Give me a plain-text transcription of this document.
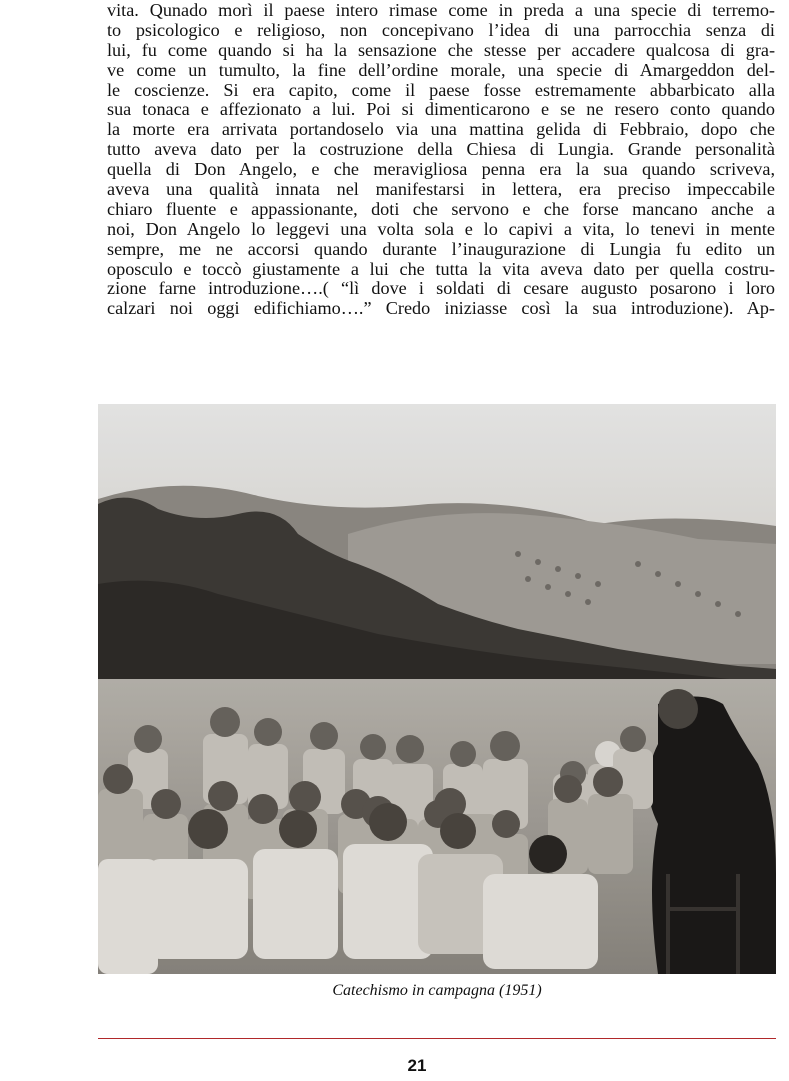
vita. Qunado morì il paese intero rimase come in preda a una specie di terremo-
to psicologico e religioso, non concepivano l’idea di una parrocchia senza di
lui, fu come quando si ha la sensazione che stesse per accadere qualcosa di gra-
ve come un tumulto, la fine dell’ordine morale, una specie di Amargeddon del-
le coscienze. Si era capito, come il paese fosse estremamente abbarbicato alla
sua tonaca e affezionato a lui. Poi si dimenticarono e se ne resero conto quando
la morte era arrivata portandoselo via una mattina gelida di Febbraio, dopo che
tutto aveva dato per la costruzione della Chiesa di Lungia. Grande personalità
quella di Don Angelo, e che meravigliosa penna era la sua quando scriveva,
aveva una qualità innata nel manifestarsi in lettera, era preciso impeccabile
chiaro fluente e appassionante, doti che servono e che forse mancano anche a
noi, Don Angelo lo leggevi una volta sola e lo capivi a vita, lo tenevi in mente
sempre, me ne accorsi quando durante l’inaugurazione di Lungia fu edito un
oposculo e toccò giustamente a lui che tutta la vita aveva dato per quella costru-
zione farne introduzione….( “lì dove i soldati di cesare augusto posarono i loro
calzari noi oggi edifichiamo….” Credo iniziasse così la sua introduzione). Ap-
Catechismo in campagna (1951)
21
